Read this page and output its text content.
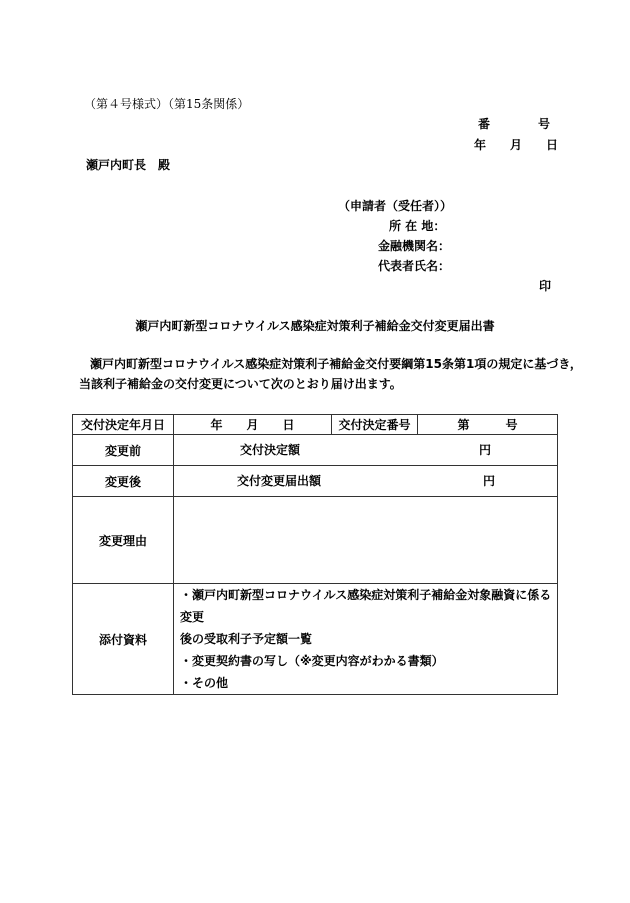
（第４号様式）（第15条関係）
番　　　　号
年　　月　　日
瀬戸内町長　殿
（申請者（受任者））
所 在 地：
金融機関名：
代表者氏名：
印
瀬戸内町新型コロナウイルス感染症対策利子補給金交付変更届出書
瀬戸内町新型コロナウイルス感染症対策利子補給金交付要綱第15条第1項の規定に基づき，
当該利子補給金の交付変更について次のとおり届け出ます。
交付決定年月日	年　　月　　日	交付決定番号	第　　　号
変更前	交付決定額 円		

変更後	交付変更届出額 円		

変更理由			
添付資料	・瀬戸内町新型コロナウイルス感染症対策利子補給金対象融資に係る変更
後の受取利子予定額一覧
・変更契約書の写し（※変更内容がわかる書類）
・その他		
